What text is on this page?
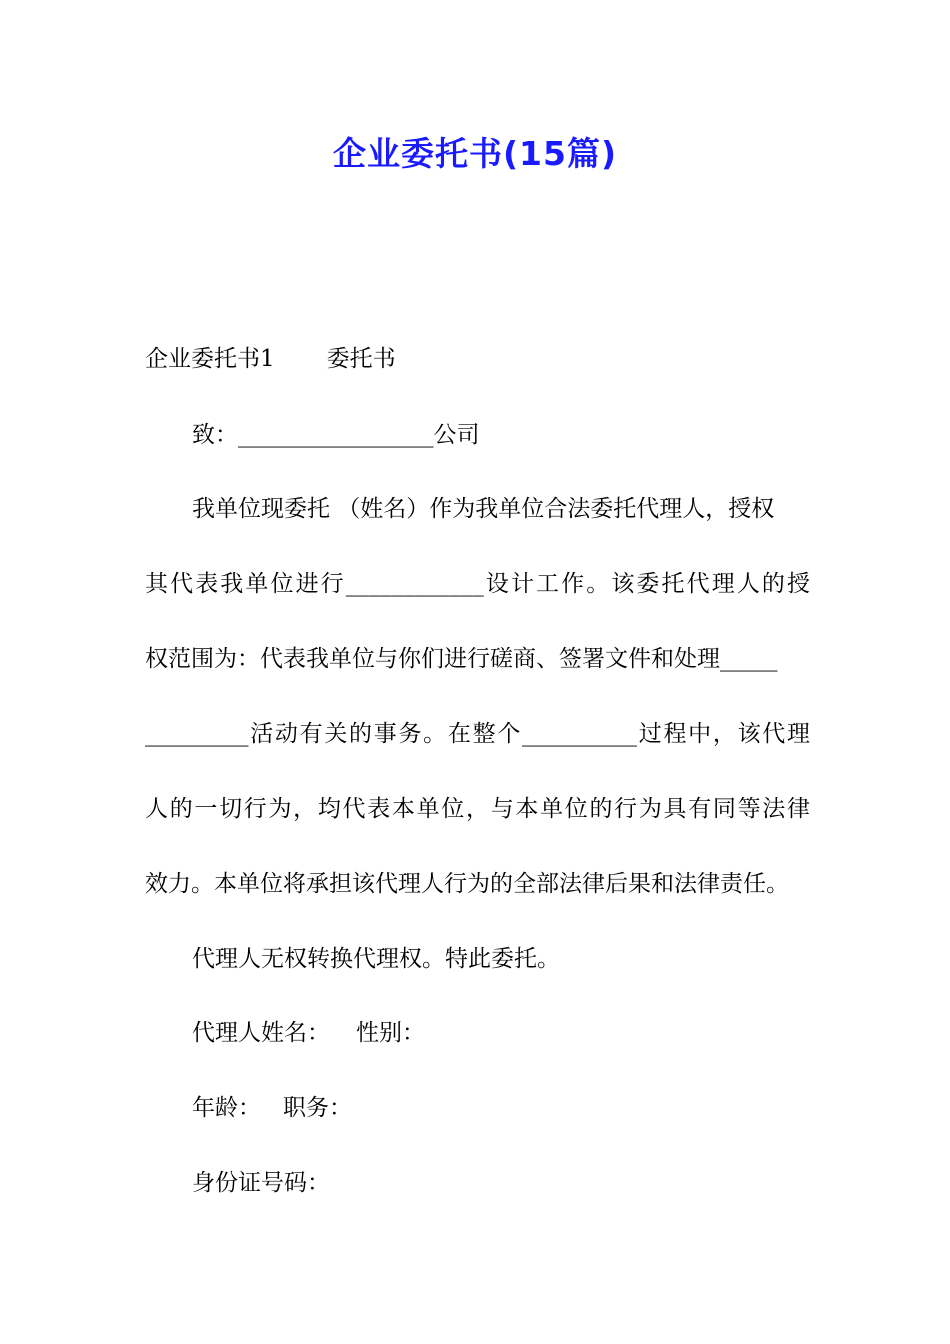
企业委托书(15篇)
企业委托书1 委托书
致：_________________公司
我单位现委托 （姓名）作为我单位合法委托代理人，授权
其代表我单位进行____________设计工作。该委托代理人的授
权范围为：代表我单位与你们进行磋商、签署文件和处理_____
_________活动有关的事务。在整个__________过程中，该代理
人的一切行为，均代表本单位，与本单位的行为具有同等法律
效力。本单位将承担该代理人行为的全部法律后果和法律责任。
代理人无权转换代理权。特此委托。
代理人姓名： 性别：
年龄： 职务：
身份证号码：
